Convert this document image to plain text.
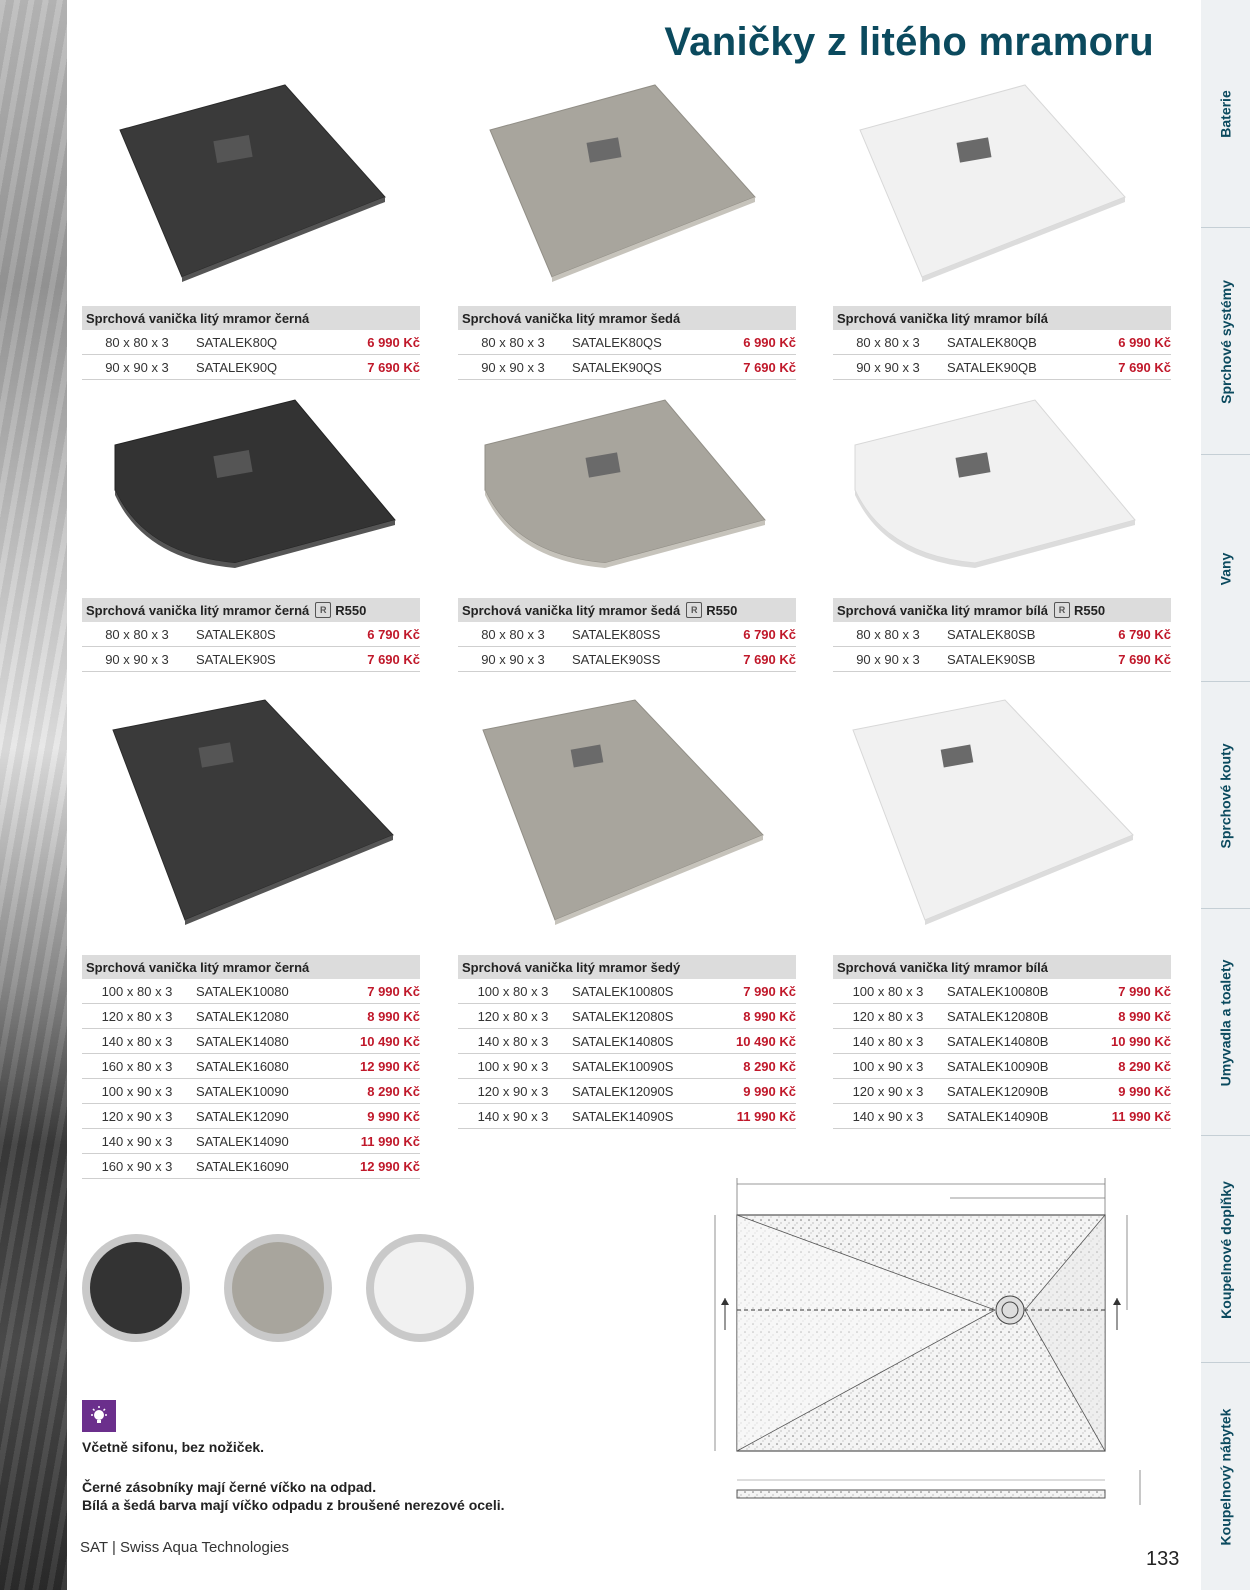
Vaničky z litého mramoru
Baterie
Sprchové systémy
Vany
Sprchové kouty
Umyvadla a toalety
Koupelnové doplňky
Koupelnový nábytek
Sprchová vanička litý mramor černá
80 x 80 x 3	SATALEK80Q	6 990 Kč
90 x 90 x 3	SATALEK90Q	7 690 Kč
Sprchová vanička litý mramor šedá
80 x 80 x 3	SATALEK80QS	6 990 Kč
90 x 90 x 3	SATALEK90QS	7 690 Kč
Sprchová vanička litý mramor bílá
80 x 80 x 3	SATALEK80QB	6 990 Kč
90 x 90 x 3	SATALEK90QB	7 690 Kč
Sprchová vanička litý mramor černá	R R550
80 x 80 x 3	SATALEK80S	6 790 Kč
90 x 90 x 3	SATALEK90S	7 690 Kč
Sprchová vanička litý mramor šedá	R R550
80 x 80 x 3	SATALEK80SS	6 790 Kč
90 x 90 x 3	SATALEK90SS	7 690 Kč
Sprchová vanička litý mramor bílá	R R550
80 x 80 x 3	SATALEK80SB	6 790 Kč
90 x 90 x 3	SATALEK90SB	7 690 Kč
Sprchová vanička litý mramor černá
100 x 80 x 3	SATALEK10080	7 990 Kč
120 x 80 x 3	SATALEK12080	8 990 Kč
140 x 80 x 3	SATALEK14080	10 490 Kč
160 x 80 x 3	SATALEK16080	12 990 Kč
100 x 90 x 3	SATALEK10090	8 290 Kč
120 x 90 x 3	SATALEK12090	9 990 Kč
140 x 90 x 3	SATALEK14090	11 990 Kč
160 x 90 x 3	SATALEK16090	12 990 Kč
Sprchová vanička litý mramor šedý
100 x 80 x 3	SATALEK10080S	7 990 Kč
120 x 80 x 3	SATALEK12080S	8 990 Kč
140 x 80 x 3	SATALEK14080S	10 490 Kč
100 x 90 x 3	SATALEK10090S	8 290 Kč
120 x 90 x 3	SATALEK12090S	9 990 Kč
140 x 90 x 3	SATALEK14090S	11 990 Kč
Sprchová vanička litý mramor bílá
100 x 80 x 3	SATALEK10080B	7 990 Kč
120 x 80 x 3	SATALEK12080B	8 990 Kč
140 x 80 x 3	SATALEK14080B	10 990 Kč
100 x 90 x 3	SATALEK10090B	8 290 Kč
120 x 90 x 3	SATALEK12090B	9 990 Kč
140 x 90 x 3	SATALEK14090B	11 990 Kč
Včetně sifonu, bez nožiček.
Černé zásobníky mají černé víčko na odpad.
Bílá a šedá barva mají víčko odpadu z broušené nerezové oceli.
SAT | Swiss Aqua Technologies
133
